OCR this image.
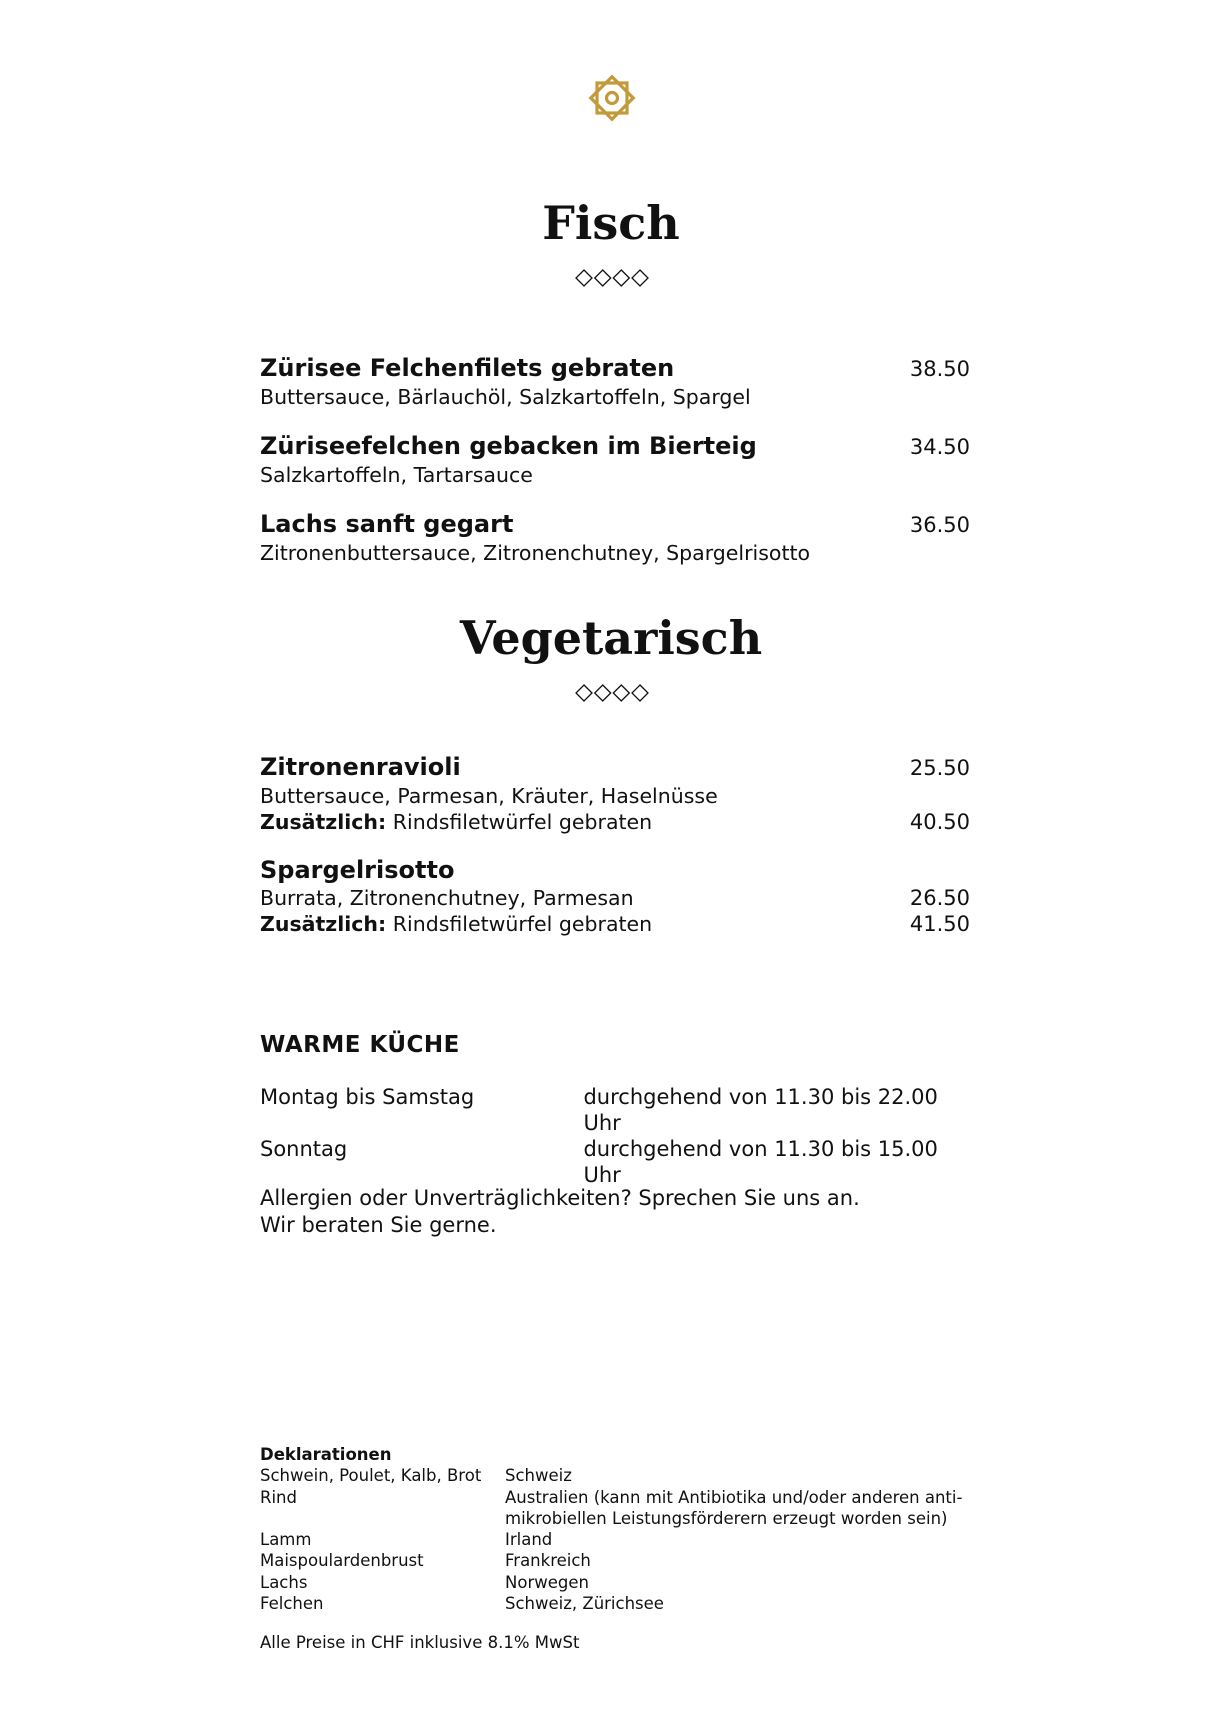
Fisch
Zürisee Felchenfilets gebraten	38.50
Buttersauce, Bärlauchöl, Salzkartoffeln, Spargel
Züriseefelchen gebacken im Bierteig	34.50
Salzkartoffeln, Tartarsauce
Lachs sanft gegart	36.50
Zitronenbuttersauce, Zitronenchutney, Spargelrisotto
Vegetarisch
Zitronenravioli	25.50
Buttersauce, Parmesan, Kräuter, Haselnüsse
Zusätzlich: Rindsfiletwürfel gebraten	40.50
Spargelrisotto
Burrata, Zitronenchutney, Parmesan	26.50
Zusätzlich: Rindsfiletwürfel gebraten	41.50
WARME KÜCHE
Montag bis Samstag	durchgehend von 11.30 bis 22.00 Uhr
Sonntag	durchgehend von 11.30 bis 15.00 Uhr
Allergien oder Unverträglichkeiten? Sprechen Sie uns an.
Wir beraten Sie gerne.
Deklarationen
Schwein, Poulet, Kalb, Brot	Schweiz
Rind	Australien (kann mit Antibiotika und/oder anderen anti-
mikrobiellen Leistungsförderern erzeugt worden sein)
Lamm	Irland
Maispoulardenbrust	Frankreich
Lachs	Norwegen
Felchen	Schweiz, Zürichsee
Alle Preise in CHF inklusive 8.1% MwSt
